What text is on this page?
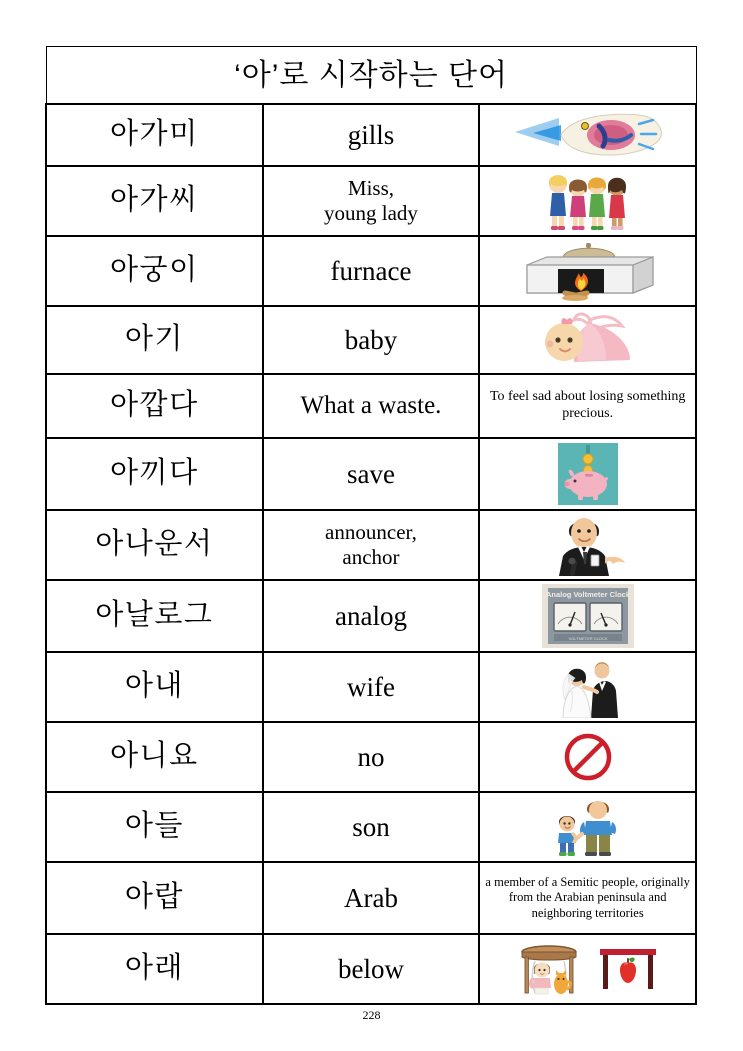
‘아’로 시작하는 단어		
아가미	gills	
아가씨	Miss,
young lady

아궁이	furnace	
아기	baby	
아깝다	What a waste.	To feel sad about losing something precious.

아끼다	save	
아나운서	announcer,
anchor

아날로그	analog	Analog Voltmeter Clock
VOLTMETER CLOCK

아내	wife	
아니요	no	
아들	son	
아랍	Arab	a member of a Semitic people, originally from the Arabian peninsula and neighboring territories

아래	below	
228
